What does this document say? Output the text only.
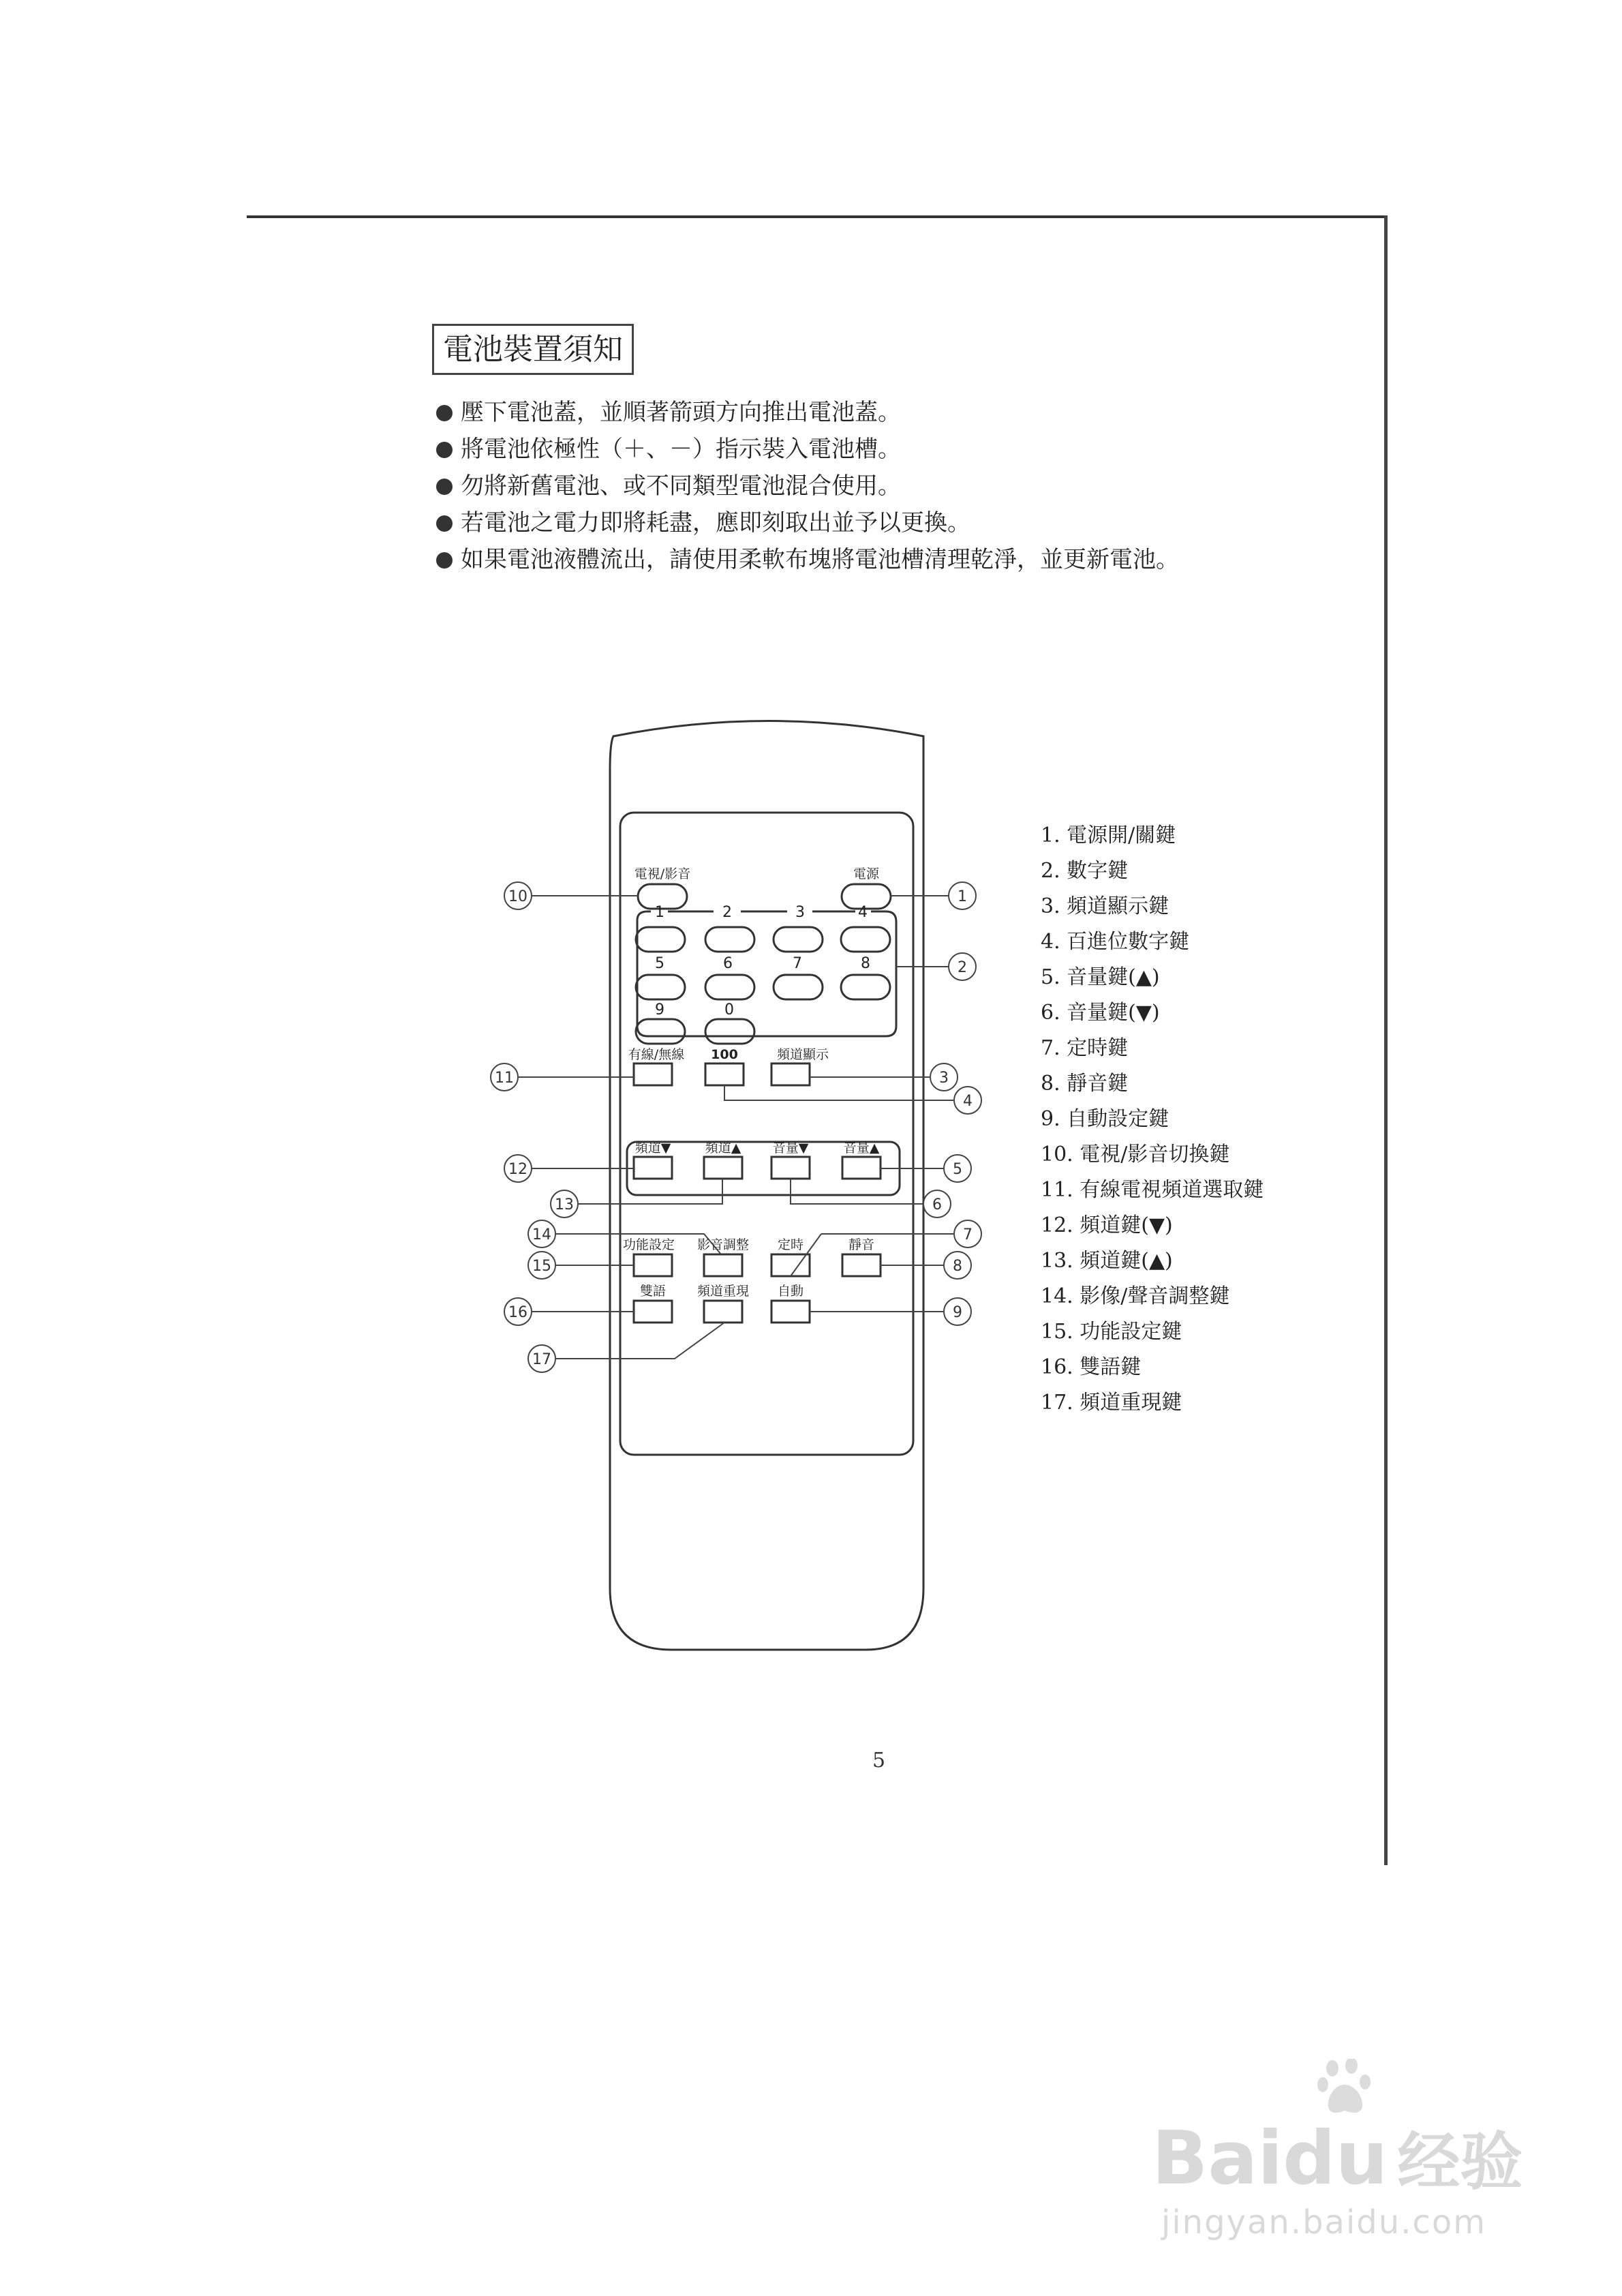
電池裝置須知
壓下電池蓋，並順著箭頭方向推出電池蓋。
將電池依極性（＋、－）指示裝入電池槽。
勿將新舊電池、或不同類型電池混合使用。
若電池之電力即將耗盡，應即刻取出並予以更換。
如果電池液體流出，請使用柔軟布塊將電池槽清理乾淨，並更新電池。
1
2
3
4
5
6
7
8
9
10
11
12
13
14
15
16
17
電視/影音	電源
有線/無線 100	頻道顯示
頻道▼	頻道▲ 音量▼	音量▲
功能設定 影音調整 定時	靜音
雙語 頻道重現 自動
1	2	3	4
5	6	7	8
9	0
1. 電源開/關鍵
2. 數字鍵
3. 頻道顯示鍵
4. 百進位數字鍵
5. 音量鍵(▲)
6. 音量鍵(▼)
7. 定時鍵
8. 靜音鍵
9. 自動設定鍵
10. 電視/影音切換鍵
11. 有線電視頻道選取鍵
12. 頻道鍵(▼)
13. 頻道鍵(▲)
14. 影像/聲音調整鍵
15. 功能設定鍵
16. 雙語鍵
17. 頻道重現鍵
5
Baidu 经验
jingyan.baidu.com
